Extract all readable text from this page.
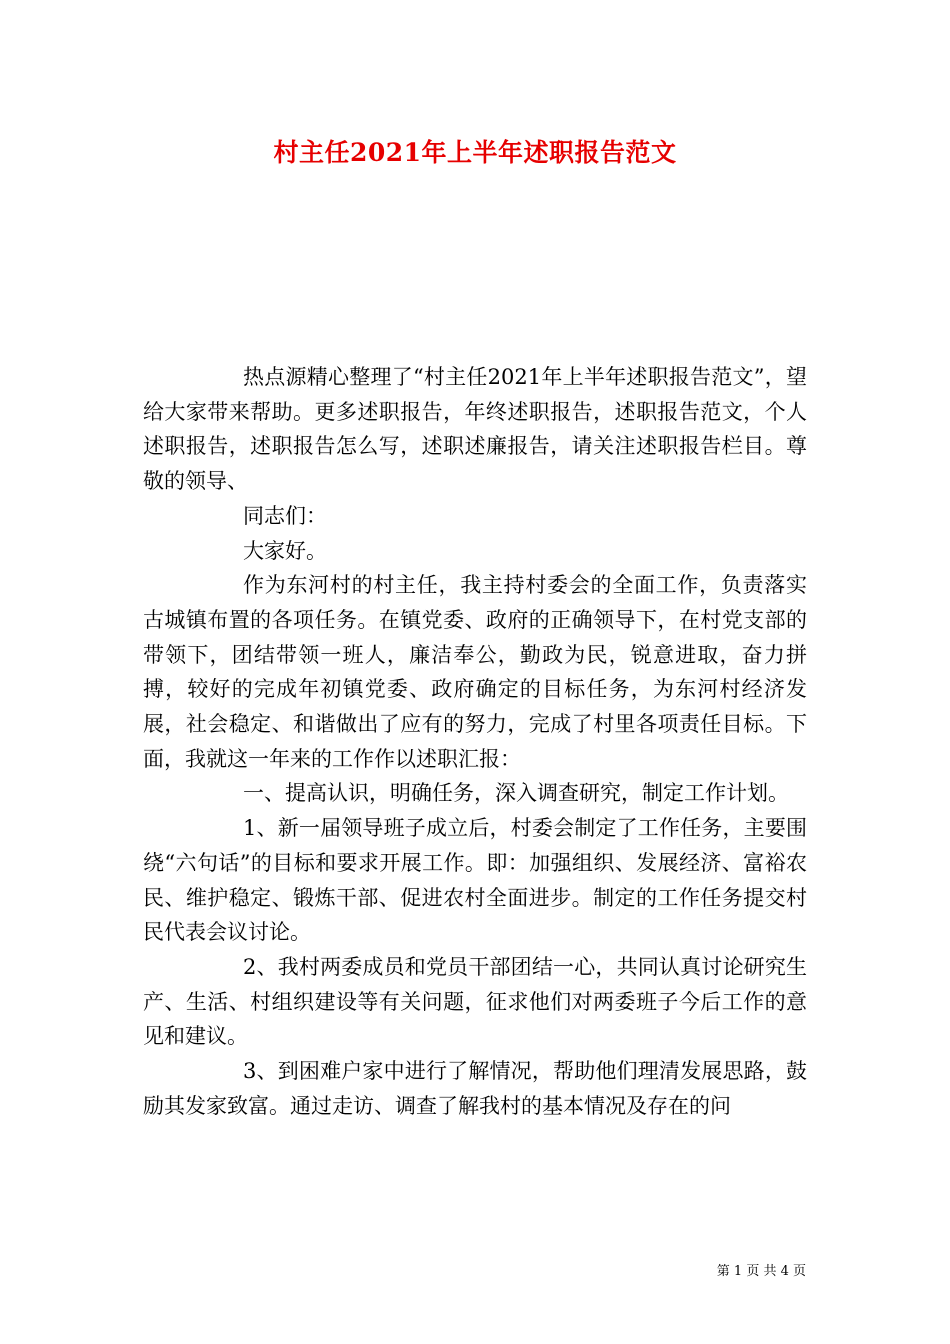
村主任2021年上半年述职报告范文

热点源精心整理了“村主任2021年上半年述职报告范文”，望给大家带来帮助。更多述职报告，年终述职报告，述职报告范文，个人述职报告，述职报告怎么写，述职述廉报告，请关注述职报告栏目。尊敬的领导、

同志们：

大家好。

作为东河村的村主任，我主持村委会的全面工作，负责落实古城镇布置的各项任务。在镇党委、政府的正确领导下，在村党支部的带领下，团结带领一班人，廉洁奉公，勤政为民，锐意进取，奋力拼搏，较好的完成年初镇党委、政府确定的目标任务，为东河村经济发展，社会稳定、和谐做出了应有的努力，完成了村里各项责任目标。下面，我就这一年来的工作作以述职汇报：

一、提高认识，明确任务，深入调查研究，制定工作计划。

1、新一届领导班子成立后，村委会制定了工作任务，主要围绕“六句话”的目标和要求开展工作。即：加强组织、发展经济、富裕农民、维护稳定、锻炼干部、促进农村全面进步。制定的工作任务提交村民代表会议讨论。

2、我村两委成员和党员干部团结一心，共同认真讨论研究生产、生活、村组织建设等有关问题，征求他们对两委班子今后工作的意见和建议。

3、到困难户家中进行了解情况，帮助他们理清发展思路，鼓励其发家致富。通过走访、调查了解我村的基本情况及存在的问

第 1 页 共 4 页
